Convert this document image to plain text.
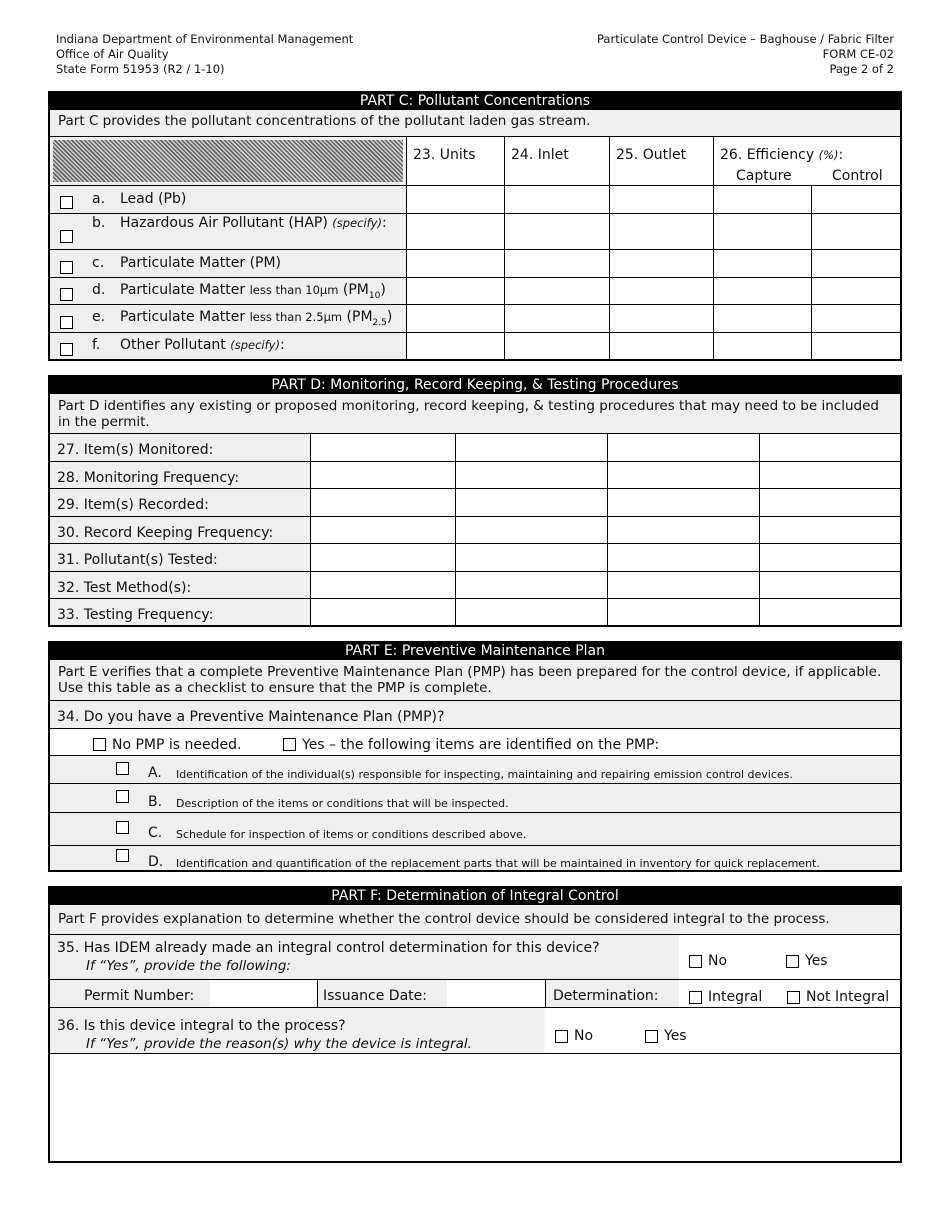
Indiana Department of Environmental Management
Office of Air Quality
State Form 51953 (R2 / 1-10)
Particulate Control Device – Baghouse / Fabric Filter
FORM CE-02
Page 2 of 2
PART C: Pollutant Concentrations
Part C provides the pollutant concentrations of the pollutant laden gas stream.
23. Units	24. Inlet	25. Outlet 26. Efficiency (%):
Capture	Control
a. Lead (Pb)
b. Hazardous Air Pollutant (HAP) (specify):
c. Particulate Matter (PM)
d. Particulate Matter less than 10μm $(PM_{10})$
e. Particulate Matter less than 2.5μm $(PM_{2.5})$
f. Other Pollutant (specify):
PART D: Monitoring, Record Keeping, & Testing Procedures
Part D identifies any existing or proposed monitoring, record keeping, & testing procedures that may need to be included in the permit.
27. Item(s) Monitored:
28. Monitoring Frequency:
29. Item(s) Recorded:
30. Record Keeping Frequency:
31. Pollutant(s) Tested:
32. Test Method(s):
33. Testing Frequency:
PART E: Preventive Maintenance Plan
Part E verifies that a complete Preventive Maintenance Plan (PMP) has been prepared for the control device, if applicable. Use this table as a checklist to ensure that the PMP is complete.
34. Do you have a Preventive Maintenance Plan (PMP)?
No PMP is needed.	Yes – the following items are identified on the PMP:
A. Identification of the individual(s) responsible for inspecting, maintaining and repairing emission control devices.
B. Description of the items or conditions that will be inspected.
C. Schedule for inspection of items or conditions described above.
D. Identification and quantification of the replacement parts that will be maintained in inventory for quick replacement.
PART F: Determination of Integral Control
Part F provides explanation to determine whether the control device should be considered integral to the process.
35. Has IDEM already made an integral control determination for this device?
If “Yes”, provide the following:	No	Yes
Permit Number:	Issuance Date:	Determination:	Integral	Not Integral
36. Is this device integral to the process?
If “Yes”, provide the reason(s) why the device is integral.	No	Yes
